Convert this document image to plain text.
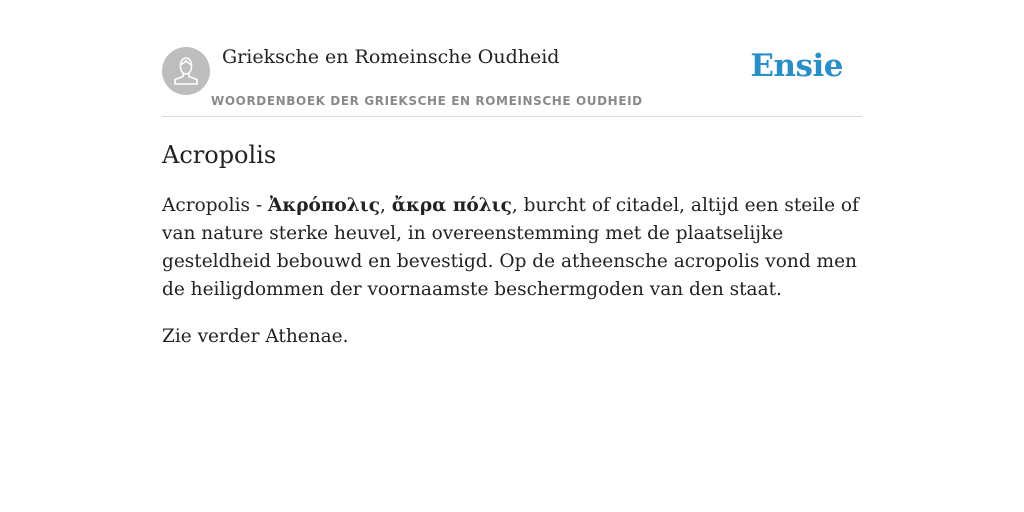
Grieksche en Romeinsche Oudheid
WOORDENBOEK DER GRIEKSCHE EN ROMEINSCHE OUDHEID
Ensie
Acropolis

Acropolis - Ἀκρόπολις, ἄκρα πόλις, burcht of citadel, altijd een steile of van nature sterke heuvel, in overeenstemming met de plaatselijke gesteldheid bebouwd en bevestigd. Op de atheensche acropolis vond men de heiligdommen der voornaamste beschermgoden van den staat.

Zie verder Athenae.
